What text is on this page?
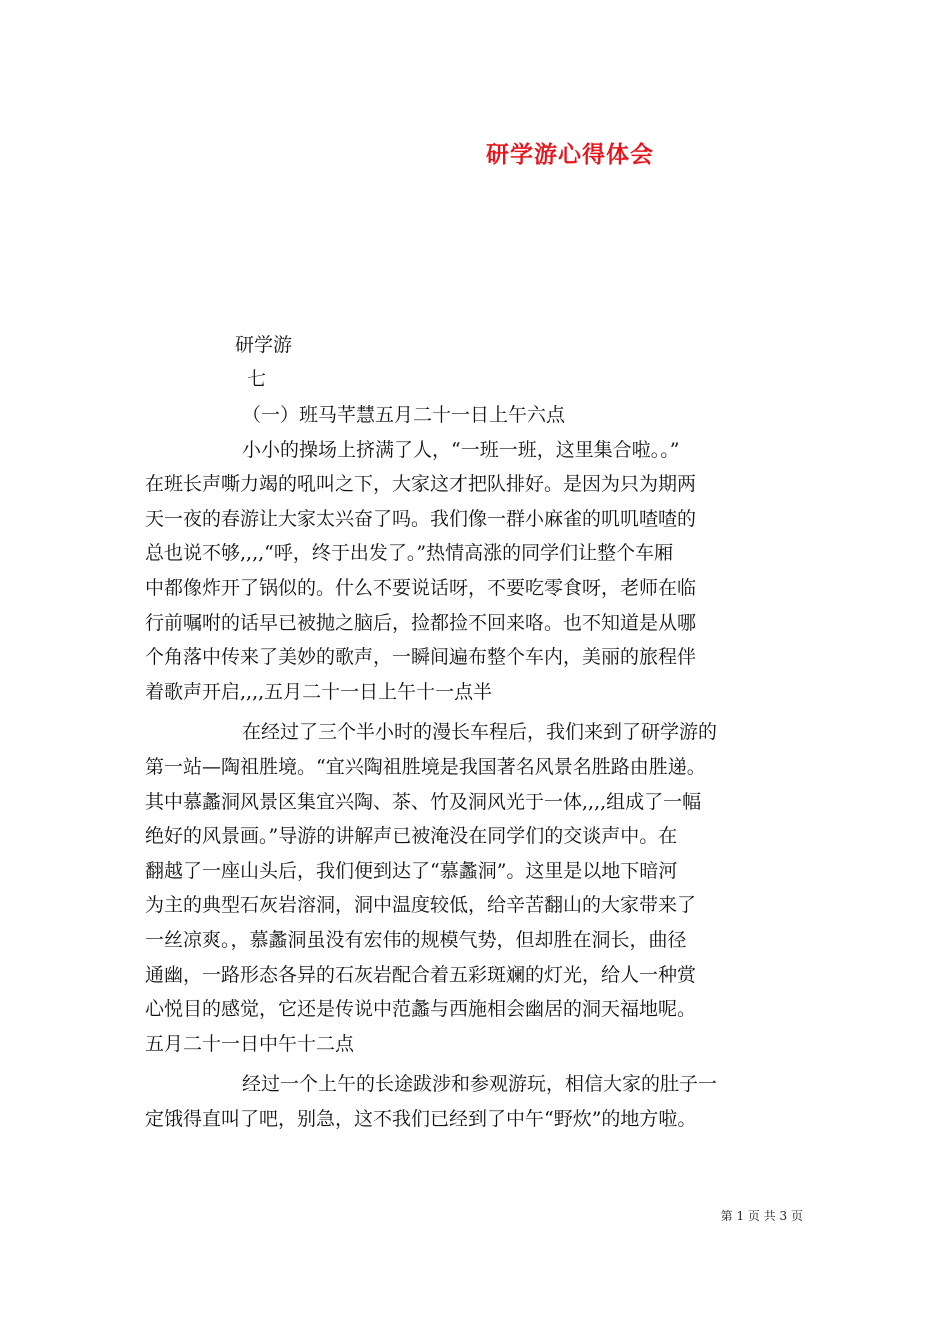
研学游心得体会

研学游

七

（一）班马芊慧五月二十一日上午六点

小小的操场上挤满了人，“一班一班，这里集合啦。。”
在班长声嘶力竭的吼叫之下，大家这才把队排好。是因为只为期两
天一夜的春游让大家太兴奋了吗。我们像一群小麻雀的叽叽喳喳的
总也说不够,,,,“呼，终于出发了。”热情高涨的同学们让整个车厢
中都像炸开了锅似的。什么不要说话呀，不要吃零食呀，老师在临
行前嘱咐的话早已被抛之脑后，捡都捡不回来咯。也不知道是从哪
个角落中传来了美妙的歌声，一瞬间遍布整个车内，美丽的旅程伴
着歌声开启,,,,五月二十一日上午十一点半
在经过了三个半小时的漫长车程后，我们来到了研学游的
第一站—陶祖胜境。“宜兴陶祖胜境是我国著名风景名胜路由胜递。
其中慕蠡洞风景区集宜兴陶、茶、竹及洞风光于一体,,,,组成了一幅
绝好的风景画。”导游的讲解声已被淹没在同学们的交谈声中。在
翻越了一座山头后，我们便到达了“慕蠡洞”。这里是以地下暗河
为主的典型石灰岩溶洞，洞中温度较低，给辛苦翻山的大家带来了
一丝凉爽。，慕蠡洞虽没有宏伟的规模气势，但却胜在洞长，曲径
通幽，一路形态各异的石灰岩配合着五彩斑斓的灯光，给人一种赏
心悦目的感觉，它还是传说中范蠡与西施相会幽居的洞天福地呢。
五月二十一日中午十二点
经过一个上午的长途跋涉和参观游玩，相信大家的肚子一
定饿得直叫了吧，别急，这不我们已经到了中午“野炊”的地方啦。

第 1 页 共 3 页
